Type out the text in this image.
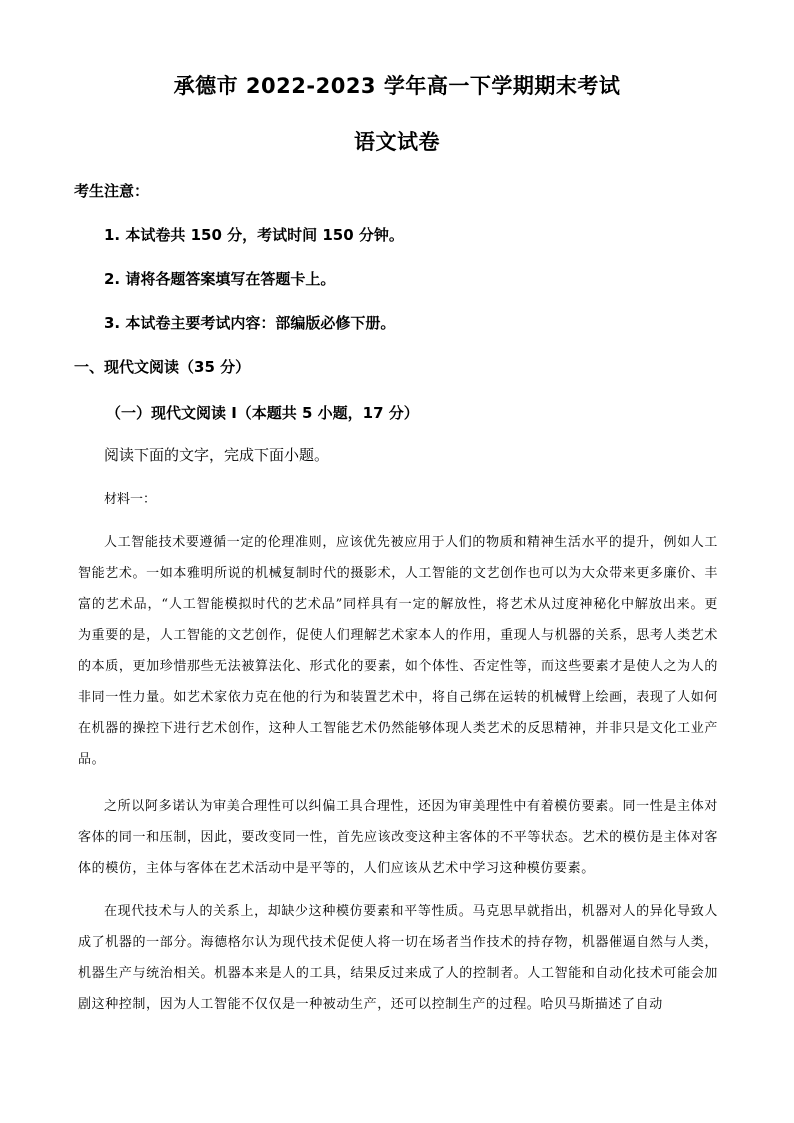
承德市 2022-2023 学年高一下学期期末考试
语文试卷
考生注意：
1. 本试卷共 150 分，考试时间 150 分钟。
2. 请将各题答案填写在答题卡上。
3. 本试卷主要考试内容：部编版必修下册。
一、现代文阅读（35 分）
（一）现代文阅读 I（本题共 5 小题，17 分）
阅读下面的文字，完成下面小题。
材料一：
人工智能技术要遵循一定的伦理准则，应该优先被应用于人们的物质和精神生活水平的提升，例如人工智能艺术。一如本雅明所说的机械复制时代的摄影术，人工智能的文艺创作也可以为大众带来更多廉价、丰富的艺术品，“人工智能模拟时代的艺术品”同样具有一定的解放性，将艺术从过度神秘化中解放出来。更为重要的是，人工智能的文艺创作，促使人们理解艺术家本人的作用，重现人与机器的关系，思考人类艺术的本质，更加珍惜那些无法被算法化、形式化的要素，如个体性、否定性等，而这些要素才是使人之为人的非同一性力量。如艺术家依力克在他的行为和装置艺术中，将自己绑在运转的机械臂上绘画，表现了人如何在机器的操控下进行艺术创作，这种人工智能艺术仍然能够体现人类艺术的反思精神，并非只是文化工业产品。
之所以阿多诺认为审美合理性可以纠偏工具合理性，还因为审美理性中有着模仿要素。同一性是主体对客体的同一和压制，因此，要改变同一性，首先应该改变这种主客体的不平等状态。艺术的模仿是主体对客体的模仿，主体与客体在艺术活动中是平等的，人们应该从艺术中学习这种模仿要素。
在现代技术与人的关系上，却缺少这种模仿要素和平等性质。马克思早就指出，机器对人的异化导致人成了机器的一部分。海德格尔认为现代技术促使人将一切在场者当作技术的持存物，机器催逼自然与人类，机器生产与统治相关。机器本来是人的工具，结果反过来成了人的控制者。人工智能和自动化技术可能会加剧这种控制，因为人工智能不仅仅是一种被动生产，还可以控制生产的过程。哈贝马斯描述了自动
